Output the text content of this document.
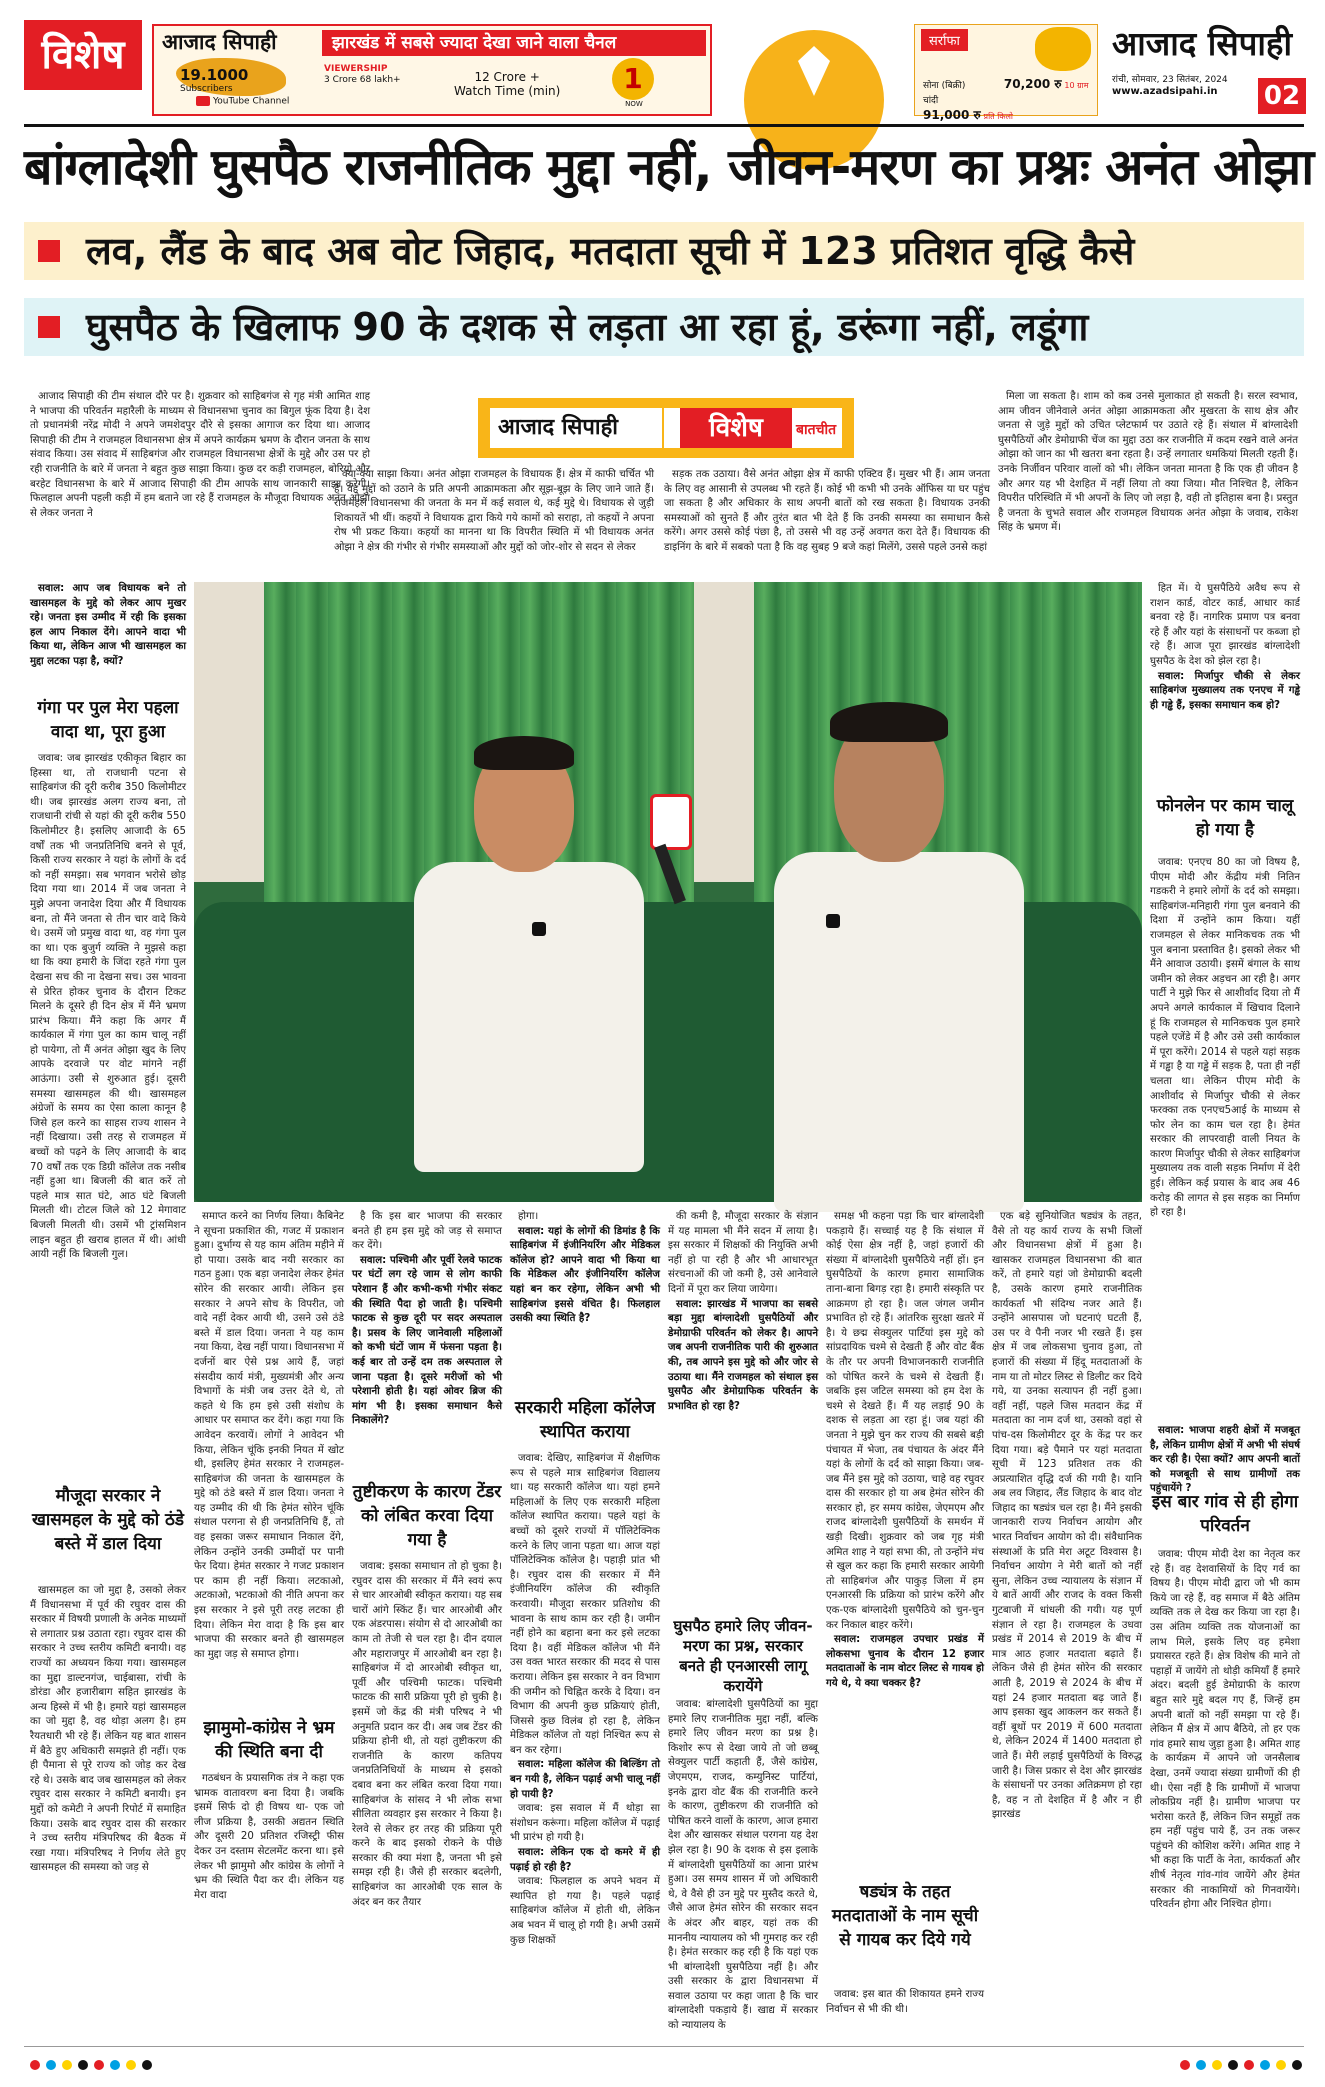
विशेष	आजाद सिपाही
19.1000
Subscribers
YouTube Channel
झारखंड में सबसे ज्यादा देखा जाने वाला चैनल
VIEWERSHIP
3 Crore 68 lakh+	12 Crore +
Watch Time (min)	1
NOW
सर्राफा
सोना (बिक्री)	70,200 रु 10 ग्राम
चांदी 91,000 रु प्रति किलो
आजाद सिपाही
रांची, सोमवार, 23 सितंबर, 2024
www.azadsipahi.in 02
बांग्लादेशी घुसपैठ राजनीतिक मुद्दा नहीं, जीवन-मरण का प्रश्नः अनंत ओझा
लव, लैंड के बाद अब वोट जिहाद, मतदाता सूची में 123 प्रतिशत वृद्धि कैसे
घुसपैठ के खिलाफ 90 के दशक से लड़ता आ रहा हूं, डरूंगा नहीं, लडूंगा

आजाद सिपाही की टीम संथाल दौरे पर है। शुक्रवार को साहिबगंज से गृह मंत्री आमित शाह ने भाजपा की परिवर्तन महारैली के माध्यम से विधानसभा चुनाव का बिगुल फूंक दिया है। देश तो प्रधानमंत्री नरेंद्र मोदी ने अपने जमशेदपुर दौरे से इसका आगाज कर दिया था। आजाद सिपाही की टीम ने राजमहल विधानसभा क्षेत्र में अपने कार्यक्रम भ्रमण के दौरान जनता के साथ संवाद किया। उस संवाद में साहिबगंज और राजमहल विधानसभा क्षेत्रों के मुद्दे और उस पर हो रही राजनीति के बारे में जनता ने बहुत कुछ साझा किया। कुछ दर कड़ी राजमहल, बोरियो और बरहेट विधानसभा के बारे में आजाद सिपाही की टीम आपके साथ जानकारी साझा करेगी। फिलहाल अपनी पहली कड़ी में हम बताने जा रहे हैं राजमहल के मौजूदा विधायक अनंत ओझा से लेकर जनता ने

आजाद सिपाही	विशेष	बातचीत

क्या-क्या साझा किया। अनंत ओझा राजमहल के विधायक हैं। क्षेत्र में काफी चर्चित भी हैं। वह मुद्दों को उठाने के प्रति अपनी आक्रामकता और सूझ-बूझ के लिए जाने जाते हैं। राजमहल विधानसभा की जनता के मन में कई सवाल थे, कई मुद्दे थे। विधायक से जुड़ी शिकायतें भी थीं। कहयों ने विधायक द्वारा किये गये कामों को सराहा, तो कहयों ने अपना रोष भी प्रकट किया। कहयों का मानना था कि विपरीत स्थिति में भी विधायक अनंत ओझा ने क्षेत्र की गंभीर से गंभीर समस्याओं और मुद्दों को जोर-शोर से सदन से लेकर

सड़क तक उठाया। वैसे अनंत ओझा क्षेत्र में काफी एक्टिव हैं। मुखर भी हैं। आम जनता के लिए वह आसानी से उपलब्ध भी रहते हैं। कोई भी कभी भी उनके ऑफिस या घर पहुंच जा सकता है और अधिकार के साथ अपनी बातों को रख सकता है। विधायक उनकी समस्याओं को सुनते हैं और तुरंत बात भी देते हैं कि उनकी समस्या का समाधान कैसे करेंगे। अगर उससे कोई पंछा है, तो उससे भी वह उन्हें अवगत करा देते हैं। विधायक की डाइनिंग के बारे में सबको पता है कि वह सुबह 9 बजे कहां मिलेंगे, उससे पहले उनसे कहां

मिला जा सकता है। शाम को कब उनसे मुलाकात हो सकती है। सरल स्वभाव, आम जीवन जीनेवाले अनंत ओझा आक्रामकता और मुखरता के साथ क्षेत्र और जनता से जुड़े मुद्दों को उचित प्लेटफार्म पर उठाते रहे हैं। संथाल में बांग्लादेशी घुसपैठियों और डेमोग्राफी चेंज का मुद्दा उठा कर राजनीति में कदम रखने वाले अनंत ओझा को जान का भी खतरा बना रहता है। उन्हें लगातार धमकियां मिलती रहती हैं। उनके निर्जीवन परिवार वालों को भी। लेकिन जनता मानता है कि एक ही जीवन है और अगर यह भी देशहित में नहीं लिया तो क्या जिया। मौत निश्चित है, लेकिन विपरीत परिस्थिति में भी अपनों के लिए जो लड़ा है, वही तो इतिहास बना है। प्रस्तुत है जनता के चुभते सवाल और राजमहल विधायक अनंत ओझा के जवाब, राकेश सिंह के भ्रमण में।

सवाल: आप जब विधायक बने तो खासमहल के मुद्दे को लेकर आप मुखर रहे। जनता इस उम्मीद में रही कि इसका हल आप निकाल देंगे। आपने वादा भी किया था, लेकिन आज भी खासमहल का मुद्दा लटका पड़ा है, क्यों?

गंगा पर पुल मेरा पहला वादा था, पूरा हुआ

जवाब: जब झारखंड एकीकृत बिहार का हिस्सा था, तो राजधानी पटना से साहिबगंज की दूरी करीब 350 किलोमीटर थी। जब झारखंड अलग राज्य बना, तो राजधानी रांची से यहां की दूरी करीब 550 किलोमीटर है। इसलिए आजादी के 65 वर्षों तक भी जनप्रतिनिधि बनने से पूर्व, किसी राज्य सरकार ने यहां के लोगों के दर्द को नहीं समझा। सब भगवान भरोसे छोड़ दिया गया था। 2014 में जब जनता ने मुझे अपना जनादेश दिया और मैं विधायक बना, तो मैंने जनता से तीन चार वादे किये थे। उसमें जो प्रमुख वादा था, वह गंगा पुल का था। एक बुजुर्ग व्यक्ति ने मुझसे कहा था कि क्या हमारी के जिंदा रहते गंगा पुल देखना सच की ना देखना सच। उस भावना से प्रेरित होकर चुनाव के दौरान टिकट मिलने के दूसरे ही दिन क्षेत्र में मैंने भ्रमण प्रारंभ किया। मैंने कहा कि अगर मैं कार्यकाल में गंगा पुल का काम चालू नहीं हो पायेगा, तो मैं अनंत ओझा खुद के लिए आपके दरवाजे पर वोट मांगने नहीं आऊंगा। उसी से शुरुआत हुई। दूसरी समस्या खासमहल की थी। खासमहल अंग्रेजों के समय का ऐसा काला कानून है जिसे हल करने का साहस राज्य शासन ने नहीं दिखाया। उसी तरह से राजमहल में बच्चों को पढ़ने के लिए आजादी के बाद 70 वर्षों तक एक डिग्री कॉलेज तक नसीब नहीं हुआ था। बिजली की बात करें तो पहले मात्र सात घंटे, आठ घंटे बिजली मिलती थी। टोटल जिले को 12 मेगावाट बिजली मिलती थी। उसमें भी ट्रांसमिशन लाइन बहुत ही खराब हालत में थी। आंधी आयी नहीं कि बिजली गुल।

मौजूदा सरकार ने खासमहल के मुद्दे को ठंडे बस्ते में डाल दिया

खासमहल का जो मुद्दा है, उसको लेकर मैं विधानसभा में पूर्व की रघुवर दास की सरकार में विषयी प्रणाली के अनेक माध्यमों से लगातार प्रश्न उठाता रहा। रघुवर दास की सरकार ने उच्च स्तरीय कमिटी बनायी। वह राज्यों का अध्ययन किया गया। खासमहल का मुद्दा डाल्टनगंज, चाईबासा, रांची के डोरंडा और हजारीबाग सहित झारखंड के अन्य हिस्से में भी है। हमारे यहां खासमहल का जो मुद्दा है, वह थोड़ा अलग है। हम रैयतधारी भी रहे हैं। लेकिन यह बात शासन में बैठे हुए अधिकारी समझते ही नहीं। एक ही पैमाना से पूरे राज्य को जोड़ कर देख रहे थे। उसके बाद जब खासमहल को लेकर रघुवर दास सरकार ने कमिटी बनायी। इन मुद्दों को कमेटी ने अपनी रिपोर्ट में समाहित किया। उसके बाद रघुवर दास की सरकार ने उच्च स्तरीय मंत्रिपरिषद की बैठक में रखा गया। मंत्रिपरिषद ने निर्णय लेते हुए खासमहल की समस्या को जड़ से

हित में। ये घुसपैठिये अवैध रूप से राशन कार्ड, वोटर कार्ड, आधार कार्ड बनवा रहे हैं। नागरिक प्रमाण पत्र बनवा रहे हैं और यहां के संसाधनों पर कब्जा हो रहे हैं। आज पूरा झारखंड बांग्लादेशी घुसपैठ के देश को झेल रहा है।

सवाल: मिर्जापुर चौकी से लेकर साहिबगंज मुख्यालय तक एनएच में गड्ढे ही गड्ढे हैं, इसका समाधान कब हो?

फोनलेन पर काम चालू हो गया है

जवाब: एनएच 80 का जो विषय है, पीएम मोदी और केंद्रीय मंत्री नितिन गडकरी ने हमारे लोगों के दर्द को समझा। साहिबगंज-मनिहारी गंगा पुल बनवाने की दिशा में उन्होंने काम किया। यहीं राजमहल से लेकर मानिकचक तक भी पुल बनाना प्रस्तावित है। इसको लेकर भी मैंने आवाज उठायी। इसमें बंगाल के साथ जमीन को लेकर अड़चन आ रही है। अगर पार्टी ने मुझे फिर से आशीर्वाद दिया तो मैं अपने अगले कार्यकाल में खिचाव दिलाने हूं कि राजमहल से मानिकचक पुल हमारे पहले एजेंडे में है और उसे उसी कार्यकाल में पूरा करेंगे। 2014 से पहले यहां सड़क में गड्ढा है या गड्ढे में सड़क है, पता ही नहीं चलता था। लेकिन पीएम मोदी के आशीर्वाद से मिर्जापुर चौकी से लेकर फरक्का तक एनएच5आई के माध्यम से फोर लेन का काम चल रहा है। हेमंत सरकार की लापरवाही वाली नियत के कारण मिर्जापुर चौकी से लेकर साहिबगंज मुख्यालय तक वाली सड़क निर्माण में देरी हुई। लेकिन कई प्रयास के बाद अब 46 करोड़ की लागत से इस सड़क का निर्माण हो रहा है।

सवाल: भाजपा शहरी क्षेत्रों में मजबूत है, लेकिन ग्रामीण क्षेत्रों में अभी भी संघर्ष कर रही है। ऐसा क्यों? आप अपनी बातों को मजबूती से साथ ग्रामीणों तक पहुंचायेंगे ?

इस बार गांव से ही होगा परिवर्तन

जवाब: पीएम मोदी देश का नेतृत्व कर रहे हैं। वह देशवासियों के दिए गर्व का विषय है। पीएम मोदी द्वारा जो भी काम किये जा रहे हैं, वह समाज में बैठे अंतिम व्यक्ति तक ले देख कर किया जा रहा है। उस अंतिम व्यक्ति तक योजनाओं का लाभ मिले, इसके लिए वह हमेशा प्रयासरत रहते हैं। क्षेत्र विशेष की माने तो पहाड़ों में जायेंगे तो थोड़ी कमियाँ हैं हमारे अंदर। बदली हुई डेमोग्राफी के कारण बहुत सारे मुद्दे बदल गए हैं, जिन्हें हम अपनी बातों को नहीं समझा पा रहे हैं। लेकिन मैं क्षेत्र में आप बैठिये, तो हर एक गांव हमारे साथ जुड़ा हुआ है। अमित शाह के कार्यक्रम में आपने जो जनसैलाब देखा, उनमें ज्यादा संख्या ग्रामीणों की ही थी। ऐसा नहीं है कि ग्रामीणों में भाजपा लोकप्रिय नहीं है। ग्रामीण भाजपा पर भरोसा करते हैं, लेकिन जिन समूहों तक हम नहीं पहुंच पाये हैं, उन तक जरूर पहुंचने की कोशिश करेंगे। अमित शाह ने भी कहा कि पार्टी के नेता, कार्यकर्ता और शीर्ष नेतृत्व गांव-गांव जायेंगे और हेमंत सरकार की नाकामियों को गिनवायेंगे। परिवर्तन होगा और निश्चित होगा।

समाप्त करने का निर्णय लिया। कैबिनेट ने सूचना प्रकाशित की, गजट में प्रकाशन हुआ। दुर्भाग्य से यह काम अंतिम महीने में हो पाया। उसके बाद नयी सरकार का गठन हुआ। एक बड़ा जनादेश लेकर हेमंत सोरेन की सरकार आयी। लेकिन इस सरकार ने अपने सोच के विपरीत, जो वादे नहीं देकर आयी थी, उसने उसे ठंडे बस्ते में डाल दिया। जनता ने यह काम नया किया, देख नहीं पाया। विधानसभा में दर्जनों बार ऐसे प्रश्न आये हैं, जहां संसदीय कार्य मंत्री, मुख्यमंत्री और अन्य विभागों के मंत्री जब उत्तर देते थे, तो कहते थे कि हम इसे उसी संशोध के आधार पर समाप्त कर देंगे। कहा गया कि आवेदन करवायें। लोगों ने आवेदन भी किया, लेकिन चूंकि इनकी नियत में खोट थी, इसलिए हेमंत सरकार ने राजमहल-साहिबगंज की जनता के खासमहल के मुद्दे को ठंडे बस्ते में डाल दिया। जनता ने यह उम्मीद की थी कि हेमंत सोरेन चूंकि संथाल परगना से ही जनप्रतिनिधि हैं, तो वह इसका जरूर समाधान निकाल देंगे, लेकिन उन्होंने उनकी उम्मीदों पर पानी फेर दिया। हेमंत सरकार ने गजट प्रकाशन पर काम ही नहीं किया। लटकाओ, अटकाओ, भटकाओ की नीति अपना कर इस सरकार ने इसे पूरी तरह लटका ही दिया। लेकिन मेरा वादा है कि इस बार भाजपा की सरकार बनते ही खासमहल का मुद्दा जड़ से समाप्त होगा।

झामुमो-कांग्रेस ने भ्रम की स्थिति बना दी

गठबंधन के प्रयासगिक तंत्र ने कहा एक भ्रामक वातावरण बना दिया है। जबकि इसमें सिर्फ दो ही विषय था- एक जो लीज प्रक्रिया है, उसकी अद्यतन स्थिति और दूसरी 20 प्रतिशत रजिस्ट्री फीस देकर उन दस्ताम सेटलमेंट करना था। इसे लेकर भी झामुमो और कांग्रेस के लोगों ने भ्रम की स्थिति पैदा कर दी। लेकिन यह मेरा वादा

है कि इस बार भाजपा की सरकार बनते ही हम इस मुद्दे को जड़ से समाप्त कर देंगे।

सवाल: पश्चिमी और पूर्वी रेलवे फाटक पर घंटों लग रहे जाम से लोग काफी परेशान हैं और कभी-कभी गंभीर संकट की स्थिति पैदा हो जाती है। पश्चिमी फाटक से कुछ दूरी पर सदर अस्पताल है। प्रसव के लिए जानेवाली महिलाओं को कभी घंटों जाम में फंसना पड़ता है। कई बार तो उन्हें दम तक अस्पताल ले जाना पड़ता है। दूसरे मरीजों को भी परेशानी होती है। यहां ओवर ब्रिज की मांग भी है। इसका समाधान कैसे निकालेंगे?

तुष्टीकरण के कारण टेंडर को लंबित करवा दिया गया है

जवाब: इसका समाधान तो हो चुका है। रघुवर दास की सरकार में मैंने स्वयं रूप से चार आरओबी स्वीकृत कराया। यह सब चारों आंगे स्किंट हैं। चार आरओबी और एक अंडरपास। संयोग से दो आरओबी का काम तो तेजी से चल रहा है। दीन दयाल और महाराजपुर में आरओबी बन रहा है। साहिबगंज में दो आरओबी स्वीकृत था, पूर्वी और पश्चिमी फाटक। पश्चिमी फाटक की सारी प्रक्रिया पूरी हो चुकी है। इसमें जो केंद्र की मंत्री परिषद ने भी अनुमति प्रदान कर दी। अब जब टेंडर की प्रक्रिया होनी थी, तो यहां तुष्टीकरण की राजनीति के कारण कतिपय जनप्रतिनिधियों के माध्यम से इसको दबाव बना कर लंबित करवा दिया गया। साहिबगंज के सांसद ने भी लोक सभा सीलिता व्यवहार इस सरकार ने किया है। रेलवे से लेकर हर तरह की प्रक्रिया पूरी करने के बाद इसको रोकने के पीछे सरकार की क्या मंशा है, जनता भी इसे समझ रही है। जैसे ही सरकार बदलेगी, साहिबगंज का आरओबी एक साल के अंदर बन कर तैयार

होगा।

सवाल: यहां के लोगों की डिमांड है कि साहिबगंज में इंजीनियरिंग और मेडिकल कॉलेज हो? आपने वादा भी किया था कि मेडिकल और इंजीनियरिंग कॉलेज यहां बन कर रहेगा, लेकिन अभी भी साहिबगंज इससे वंचित है। फिलहाल उसकी क्या स्थिति है?

सरकारी महिला कॉलेज स्थापित कराया

जवाब: देखिए, साहिबगंज में शैक्षणिक रूप से पहले मात्र साहिबगंज विद्यालय था। यह सरकारी कॉलेज था। यहां हमने महिलाओं के लिए एक सरकारी महिला कॉलेज स्थापित कराया। पहले यहां के बच्चों को दूसरे राज्यों में पॉलिटेक्निक करने के लिए जाना पड़ता था। आज यहां पॉलिटेक्निक कॉलेज है। पहाड़ी प्रांत भी है। रघुवर दास की सरकार में मैंने इंजीनियरिंग कॉलेज की स्वीकृति करवायी। मौजूदा सरकार प्रतिशोध की भावना के साथ काम कर रही है। जमीन नहीं होने का बहाना बना कर इसे लटका दिया है। वहीं मेडिकल कॉलेज भी मैंने उस वक्त भारत सरकार की मदद से पास कराया। लेकिन इस सरकार ने वन विभाग की जमीन को चिह्नित करके दे दिया। वन विभाग की अपनी कुछ प्रक्रियाएं होती, जिससे कुछ विलंब हो रहा है, लेकिन मेडिकल कॉलेज तो यहां निश्चित रूप से बन कर रहेगा।

सवाल: महिला कॉलेज की बिल्डिंग तो बन गयी है, लेकिन पढ़ाई अभी चालू नहीं हो पायी है?

जवाब: इस सवाल में मैं थोड़ा सा संशोधन करूंगा। महिला कॉलेज में पढ़ाई भी प्रारंभ हो गयी है।

सवाल: लेकिन एक दो कमरे में ही पढ़ाई हो रही है?

जवाब: फिलहाल क अपने भवन में स्थापित हो गया है। पहले पढ़ाई साहिबगंज कॉलेज में होती थी, लेकिन अब भवन में चालू हो गयी है। अभी उसमें कुछ शिक्षकों

की कमी है, मौजूदा सरकार के संज्ञान में यह मामला भी मैंने सदन में लाया है। इस सरकार में शिक्षकों की नियुक्ति अभी नहीं हो पा रही है और भी आधारभूत संरचनाओं की जो कमी है, उसे आनेवाले दिनों में पूरा कर लिया जायेगा।

सवाल: झारखंड में भाजपा का सबसे बड़ा मुद्दा बांग्लादेशी घुसपैठियों और डेमोग्राफी परिवर्तन को लेकर है। आपने जब अपनी राजनीतिक पारी की शुरुआत की, तब आपने इस मुद्दे को और जोर से उठाया था। मैंने राजमहल को संथाल इस घुसपैठ और डेमोग्राफिक परिवर्तन के प्रभावित हो रहा है?

घुसपैठ हमारे लिए जीवन-मरण का प्रश्न, सरकार बनते ही एनआरसी लागू करायेंगे

जवाब: बांग्लादेशी घुसपैठियों का मुद्दा हमारे लिए राजनीतिक मुद्दा नहीं, बल्कि हमारे लिए जीवन मरण का प्रश्न है। किशोर रूप से देखा जाये तो जो छब्बू सेक्युलर पार्टी कहाती हैं, जैसे कांग्रेस, जेएमएम, राजद, कम्युनिस्ट पार्टियां, इनके द्वारा वोट बैंक की राजनीति करने के कारण, तुष्टीकरण की राजनीति को पोषित करने वालों के कारण, आज हमारा देश और खासकर संथाल परगना यह देश झेल रहा है। 90 के दशक से इस इलाके में बांग्लादेशी घुसपैठियों का आना प्रारंभ हुआ। उस समय शासन में जो अधिकारी थे, वे वैसे ही उन मुद्दे पर मुस्तैद करते थे, जैसे आज हेमंत सोरेन की सरकार सदन के अंदर और बाहर, यहां तक की माननीय न्यायालय को भी गुमराह कर रही है। हेमंत सरकार कह रही है कि यहां एक भी बांग्लादेशी घुसपैठिया नहीं है। और उसी सरकार के द्वारा विधानसभा में सवाल उठाया पर कहा जाता है कि चार बांग्लादेशी पकड़ाये हैं। खाद्य में सरकार को न्यायालय के

समक्ष भी कहना पड़ा कि चार बांग्लादेशी पकड़ाये हैं। सच्चाई यह है कि संथाल में कोई ऐसा क्षेत्र नहीं है, जहां हजारों की संख्या में बांग्लादेशी घुसपैठिये नहीं हों। इन घुसपैठियों के कारण हमारा सामाजिक ताना-बाना बिगड़ रहा है। हमारी संस्कृति पर आक्रमण हो रहा है। जल जंगल जमीन प्रभावित हो रहे हैं। आंतरिक सुरक्षा खतरे में है। ये छद्म सेक्युलर पार्टियां इस मुद्दे को सांप्रदायिक चश्मे से देखती हैं और वोट बैंक के तौर पर अपनी विभाजनकारी राजनीति को पोषित करने के चश्मे से देखती हैं। जबकि इस जटिल समस्या को हम देश के चश्मे से देखते हैं। मैं यह लड़ाई 90 के दशक से लड़ता आ रहा हूं। जब यहां की जनता ने मुझे चुन कर राज्य की सबसे बड़ी पंचायत में भेजा, तब पंचायत के अंदर मैंने यहां के लोगों के दर्द को साझा किया। जब-जब मैंने इस मुद्दे को उठाया, चाहे वह रघुवर दास की सरकार हो या अब हेमंत सोरेन की सरकार हो, हर समय कांग्रेस, जेएमएम और राजद बांग्लादेशी घुसपैठियों के समर्थन में खड़ी दिखी। शुक्रवार को जब गृह मंत्री अमित शाह ने यहां सभा की, तो उन्होंने मंच से खुल कर कहा कि हमारी सरकार आयेगी तो साहिबगंज और पाकुड़ जिला में हम एनआरसी कि प्रक्रिया को प्रारंभ करेंगे और एक-एक बांग्लादेशी घुसपैठिये को चुन-चुन कर निकाल बाहर करेंगे।

सवाल: राजमहल उपचार प्रखंड में लोकसभा चुनाव के दौरान 12 हजार मतदाताओं के नाम वोटर लिस्ट से गायब हो गये थे, ये क्या चक्कर है?

षड्यंत्र के तहत मतदाताओं के नाम सूची से गायब कर दिये गये

जवाब: इस बात की शिकायत हमने राज्य निर्वाचन से भी की थी।

एक बड़े सुनियोजित षड्यंत्र के तहत, वैसे तो यह कार्य राज्य के सभी जिलों और विधानसभा क्षेत्रों में हुआ है। खासकर राजमहल विधानसभा की बात करें, तो हमारे यहां जो डेमोग्राफी बदली है, उसके कारण हमारे राजनीतिक कार्यकर्ता भी संदिग्ध नजर आते हैं। उन्होंने आसपास जो घटनाएं घटती हैं, उस पर वे पैनी नजर भी रखते हैं। इस क्षेत्र में जब लोकसभा चुनाव हुआ, तो हजारों की संख्या में हिंदू मतदाताओं के नाम या तो मोटर लिस्ट से डिलीट कर दिये गये, या उनका सत्यापन ही नहीं हुआ। वहीं नहीं, पहले जिस मतदान केंद्र में मतदाता का नाम दर्ज था, उसको वहां से पांच-दस किलोमीटर दूर के केंद्र पर कर दिया गया। बड़े पैमाने पर यहां मतदाता सूची में 123 प्रतिशत तक की अप्रत्याशित वृद्धि दर्ज की गयी है। यानि अब लव जिहाद, लैंड जिहाद के बाद वोट जिहाद का षड्यंत्र चल रहा है। मैंने इसकी जानकारी राज्य निर्वाचन आयोग और भारत निर्वाचन आयोग को दी। संवैधानिक संस्थाओं के प्रति मेरा अटूट विश्वास है। निर्वाचन आयोग ने मेरी बातों को नहीं सुना, लेकिन उच्च न्यायालय के संज्ञान में ये बातें आयीं और राजद के वक्त किसी गुटबाजी में धांधली की गयी। यह पूर्ण संज्ञान ले रहा है। राजमहल के उधवा प्रखंड में 2014 से 2019 के बीच में मात्र आठ हजार मतदाता बढ़ाते हैं। लेकिन जैसे ही हेमंत सोरेन की सरकार आती है, 2019 से 2024 के बीच में यहां 24 हजार मतदाता बढ़ जाते हैं। आप इसका खुद आकलन कर सकते हैं। वहीं बूथों पर 2019 में 600 मतदाता थे, लेकिन 2024 में 1400 मतदाता हो जाते हैं। मेरी लड़ाई घुसपैठियों के विरुद्ध जारी है। जिस प्रकार से देश और झारखंड के संसाधनों पर उनका अतिक्रमण हो रहा है, वह न तो देशहित में है और न ही झारखंड
